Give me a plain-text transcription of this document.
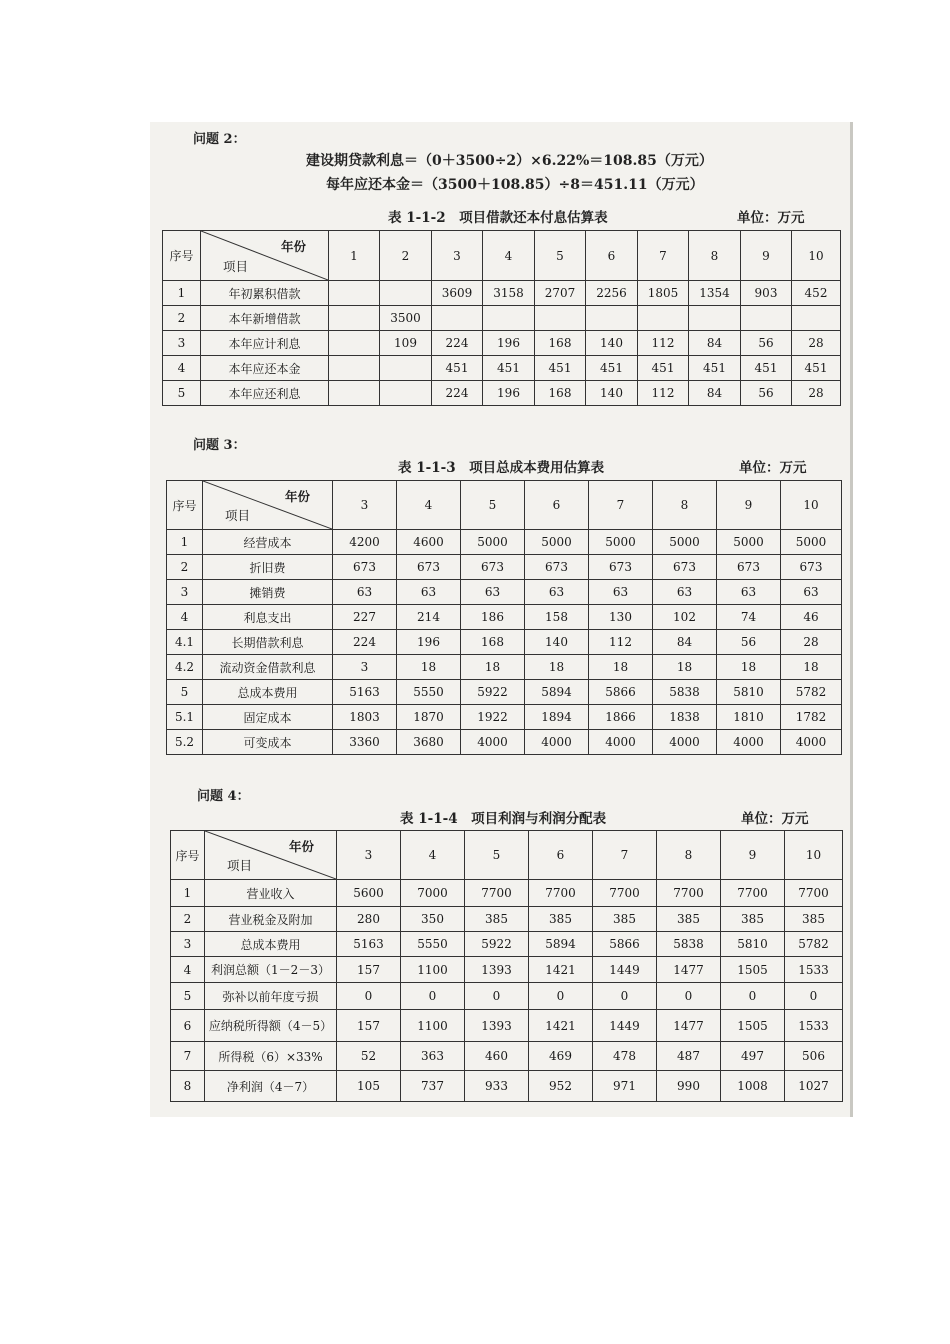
问题 2：
建设期贷款利息＝（0＋3500÷2）×6.22%＝108.85（万元）
每年应还本金＝（3500＋108.85）÷8＝451.11（万元）
表 1-1-2　项目借款还本付息估算表	单位：万元
序号	年份
项目	1	2	3	4	5	6	7	8	9	10
1	年初累积借款			3609	3158	2707	2256	1805	1354	903	452
2	本年新增借款		3500								
3	本年应计利息		109	224	196	168	140	112	84	56	28
4	本年应还本金			451	451	451	451	451	451	451	451
5	本年应还利息			224	196	168	140	112	84	56	28
问题 3：
表 1-1-3　项目总成本费用估算表	单位：万元
序号	年份
项目	3	4	5	6	7	8	9	10
1	经营成本	4200	4600	5000	5000	5000	5000	5000	5000
2	折旧费	673	673	673	673	673	673	673	673
3	摊销费	63	63	63	63	63	63	63	63
4	利息支出	227	214	186	158	130	102	74	46
4.1	长期借款利息	224	196	168	140	112	84	56	28
4.2	流动资金借款利息	3	18	18	18	18	18	18	18
5	总成本费用	5163	5550	5922	5894	5866	5838	5810	5782
5.1	固定成本	1803	1870	1922	1894	1866	1838	1810	1782
5.2	可变成本	3360	3680	4000	4000	4000	4000	4000	4000
问题 4：
表 1-1-4　项目利润与利润分配表	单位：万元
序号	年份
项目	3	4	5	6	7	8	9	10
1	营业收入	5600	7000	7700	7700	7700	7700	7700	7700
2	营业税金及附加	280	350	385	385	385	385	385	385
3	总成本费用	5163	5550	5922	5894	5866	5838	5810	5782
4	利润总额（1－2－3）	157	1100	1393	1421	1449	1477	1505	1533
5	弥补以前年度亏损	0	0	0	0	0	0	0	0
6	应纳税所得额（4－5）	157	1100	1393	1421	1449	1477	1505	1533
7	所得税（6）×33%	52	363	460	469	478	487	497	506
8	净利润（4－7）	105	737	933	952	971	990	1008	1027
